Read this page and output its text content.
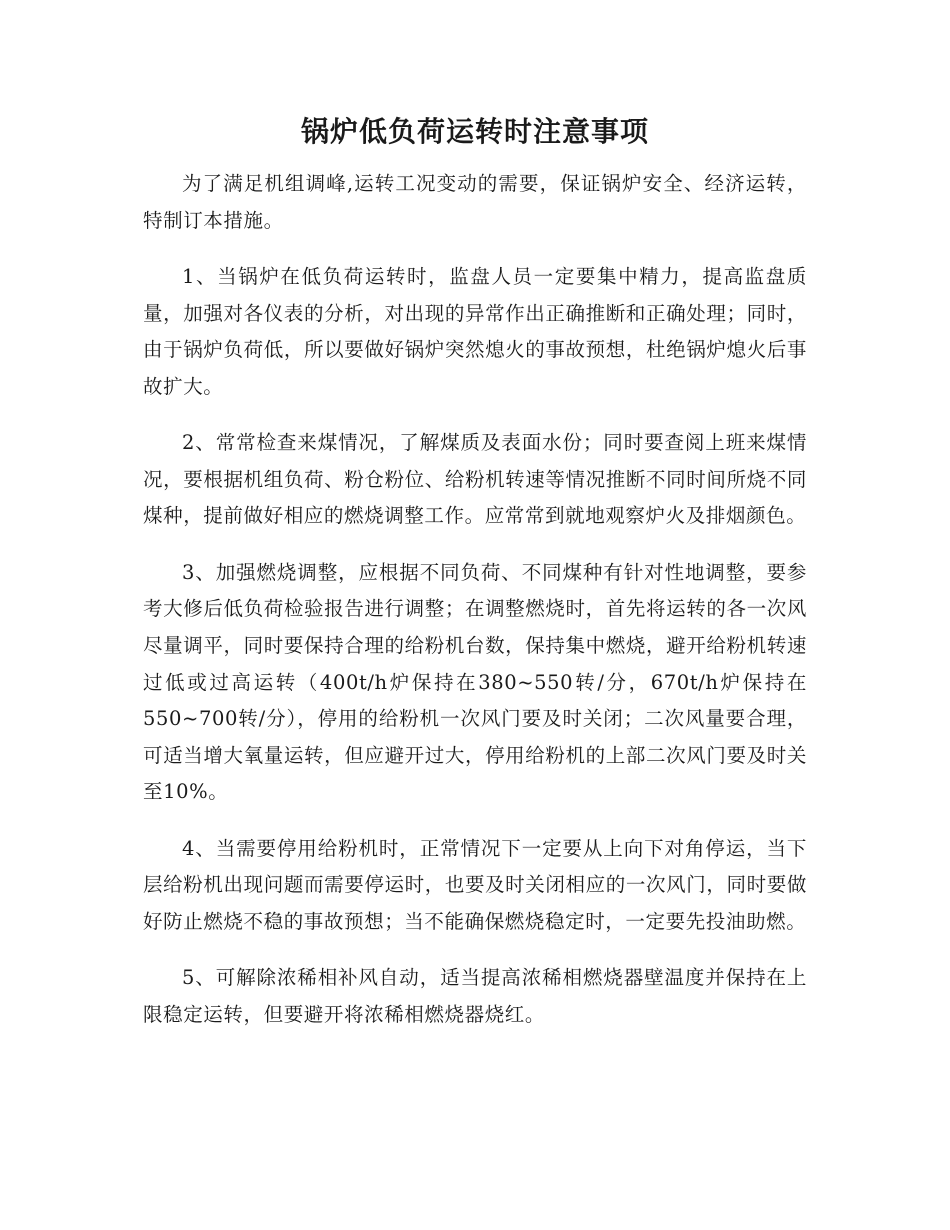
锅炉低负荷运转时注意事项

为了满足机组调峰,运转工况变动的需要，保证锅炉安全、经济运转，特制订本措施。

1、当锅炉在低负荷运转时，监盘人员一定要集中精力，提高监盘质量，加强对各仪表的分析，对出现的异常作出正确推断和正确处理；同时，由于锅炉负荷低，所以要做好锅炉突然熄火的事故预想，杜绝锅炉熄火后事故扩大。

2、常常检查来煤情况，了解煤质及表面水份；同时要查阅上班来煤情况，要根据机组负荷、粉仓粉位、给粉机转速等情况推断不同时间所烧不同煤种，提前做好相应的燃烧调整工作。应常常到就地观察炉火及排烟颜色。

3、加强燃烧调整，应根据不同负荷、不同煤种有针对性地调整，要参考大修后低负荷检验报告进行调整；在调整燃烧时，首先将运转的各一次风尽量调平，同时要保持合理的给粉机台数，保持集中燃烧，避开给粉机转速过低或过高运转（400t/h炉保持在380~550转/分，670t/h炉保持在550~700转/分），停用的给粉机一次风门要及时关闭；二次风量要合理，可适当增大氧量运转，但应避开过大，停用给粉机的上部二次风门要及时关至10%。

4、当需要停用给粉机时，正常情况下一定要从上向下对角停运，当下层给粉机出现问题而需要停运时，也要及时关闭相应的一次风门，同时要做好防止燃烧不稳的事故预想；当不能确保燃烧稳定时，一定要先投油助燃。

5、可解除浓稀相补风自动，适当提高浓稀相燃烧器壁温度并保持在上限稳定运转，但要避开将浓稀相燃烧器烧红。
